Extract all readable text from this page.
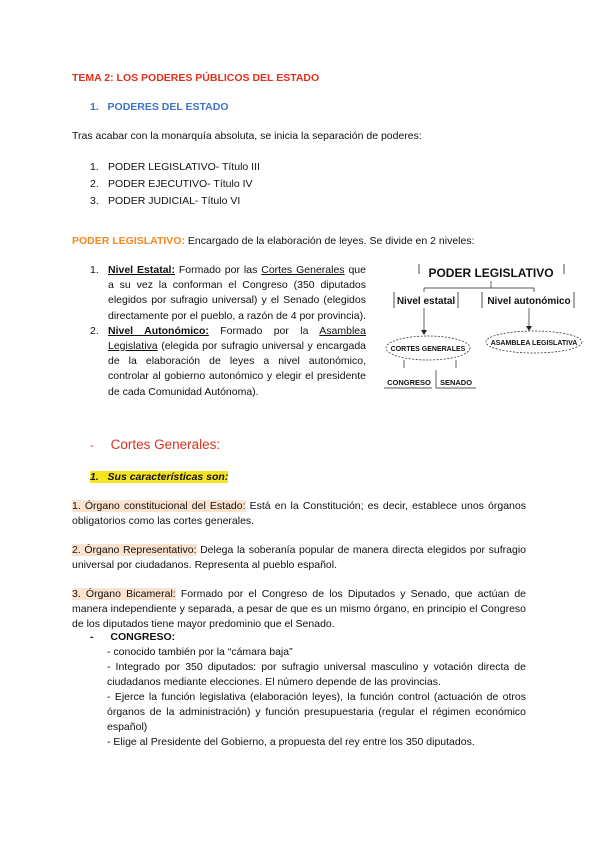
TEMA 2: LOS PODERES PÚBLICOS DEL ESTADO
1. PODERES DEL ESTADO
Tras acabar con la monarquía absoluta, se inicia la separación de poderes:
1. PODER LEGISLATIVO- Título III
2. PODER EJECUTIVO- Título IV
3. PODER JUDICIAL- Título VI
PODER LEGISLATIVO: Encargado de la elaboración de leyes. Se divide en 2 niveles:
1. Nivel Estatal: Formado por las Cortes Generales que a su vez la conforman el Congreso (350 diputados elegidos por sufragio universal) y el Senado (elegidos directamente por el pueblo, a razón de 4 por provincia).
2. Nivel Autonómico: Formado por la Asamblea Legislativa (elegida por sufragio universal y encargada de la elaboración de leyes a nivel autonómico, controlar al gobierno autonómico y elegir el presidente de cada Comunidad Autónoma).
PODER LEGISLATIVO
Nivel estatal	Nivel autonómico
CORTES GENERALES
ASAMBLEA LEGISLATIVA
CONGRESO SENADO
- Cortes Generales:
1. Sus características son:
1. Órgano constitucional del Estado: Está en la Constitución; es decir, establece unos órganos obligatorios como las cortes generales.
2. Órgano Representativo: Delega la soberanía popular de manera directa elegidos por sufragio universal por ciudadanos. Representa al pueblo español.
3. Órgano Bicameral: Formado por el Congreso de los Diputados y Senado, que actúan de manera independiente y separada, a pesar de que es un mismo órgano, en principio el Congreso de los diputados tiene mayor predominio que el Senado.
- CONGRESO:
- conocido también por la “cámara baja”
- Integrado por 350 diputados: por sufragio universal masculino y votación directa de ciudadanos mediante elecciones. El número depende de las provincias.
- Ejerce la función legislativa (elaboración leyes), la función control (actuación de otros órganos de la administración) y función presupuestaria (regular el régimen económico español)
- Elige al Presidente del Gobierno, a propuesta del rey entre los 350 diputados.
